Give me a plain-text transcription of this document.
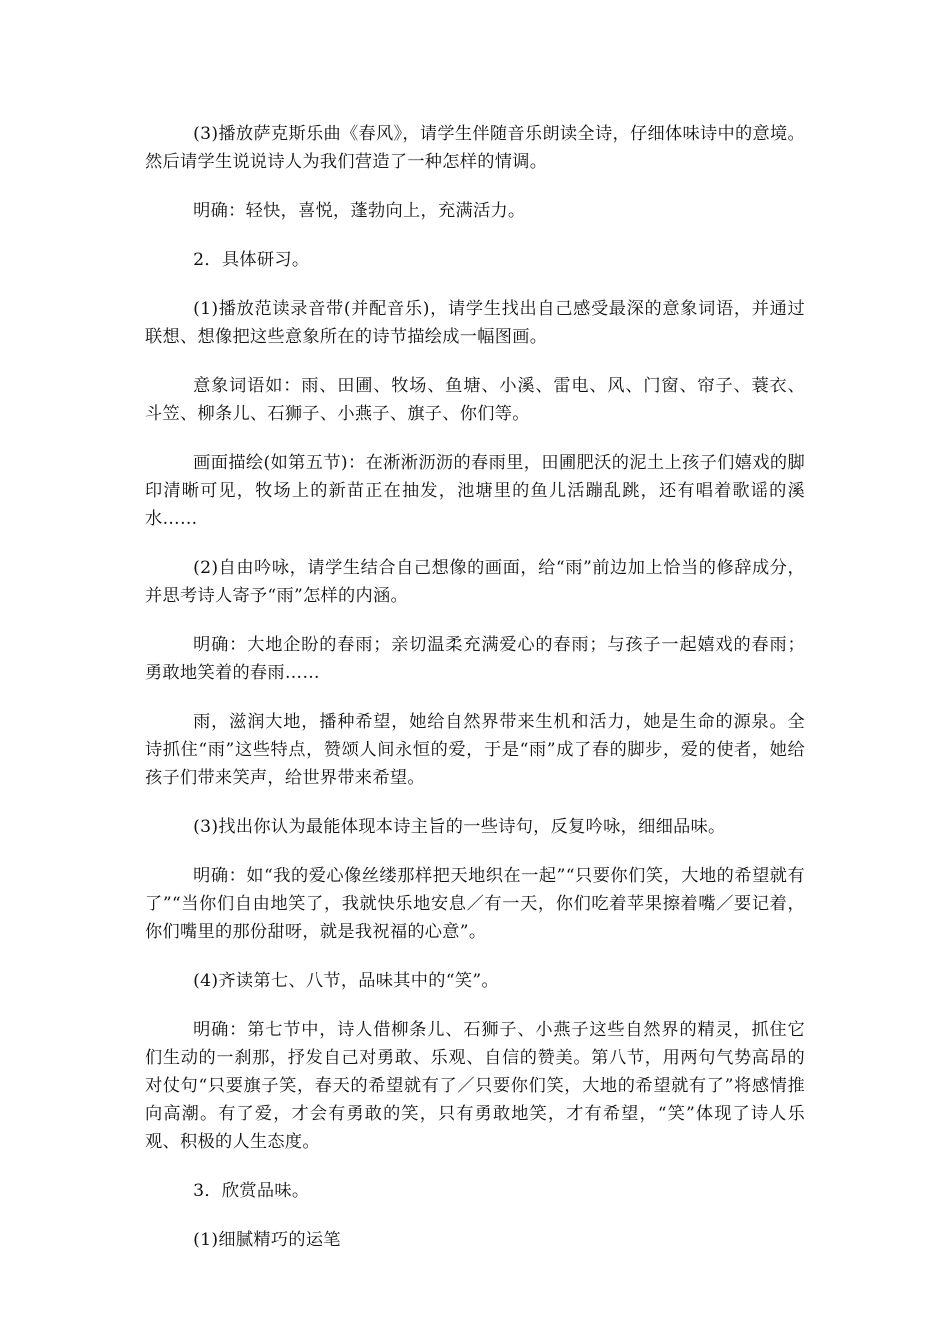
(3)播放萨克斯乐曲《春风》，请学生伴随音乐朗读全诗，仔细体味诗中的意境。然后请学生说说诗人为我们营造了一种怎样的情调。

明确：轻快，喜悦，蓬勃向上，充满活力。

2．具体研习。

(1)播放范读录音带(并配音乐)，请学生找出自己感受最深的意象词语，并通过联想、想像把这些意象所在的诗节描绘成一幅图画。

意象词语如：雨、田圃、牧场、鱼塘、小溪、雷电、风、门窗、帘子、蓑衣、斗笠、柳条儿、石狮子、小燕子、旗子、你们等。

画面描绘(如第五节)：在淅淅沥沥的春雨里，田圃肥沃的泥土上孩子们嬉戏的脚印清晰可见，牧场上的新苗正在抽发，池塘里的鱼儿活蹦乱跳，还有唱着歌谣的溪水……

(2)自由吟咏，请学生结合自己想像的画面，给“雨”前边加上恰当的修辞成分，并思考诗人寄予“雨”怎样的内涵。

明确：大地企盼的春雨；亲切温柔充满爱心的春雨；与孩子一起嬉戏的春雨；勇敢地笑着的春雨……

雨，滋润大地，播种希望，她给自然界带来生机和活力，她是生命的源泉。全诗抓住“雨”这些特点，赞颂人间永恒的爱，于是“雨”成了春的脚步，爱的使者，她给孩子们带来笑声，给世界带来希望。

(3)找出你认为最能体现本诗主旨的一些诗句，反复吟咏，细细品味。

明确：如“我的爱心像丝缕那样把天地织在一起”“只要你们笑，大地的希望就有了”“当你们自由地笑了，我就快乐地安息／有一天，你们吃着苹果擦着嘴／要记着，你们嘴里的那份甜呀，就是我祝福的心意”。

(4)齐读第七、八节，品味其中的“笑”。

明确：第七节中，诗人借柳条儿、石狮子、小燕子这些自然界的精灵，抓住它们生动的一刹那，抒发自己对勇敢、乐观、自信的赞美。第八节，用两句气势高昂的对仗句“只要旗子笑，春天的希望就有了／只要你们笑，大地的希望就有了”将感情推向高潮。有了爱，才会有勇敢的笑，只有勇敢地笑，才有希望，“笑”体现了诗人乐观、积极的人生态度。

3．欣赏品味。

(1)细腻精巧的运笔
